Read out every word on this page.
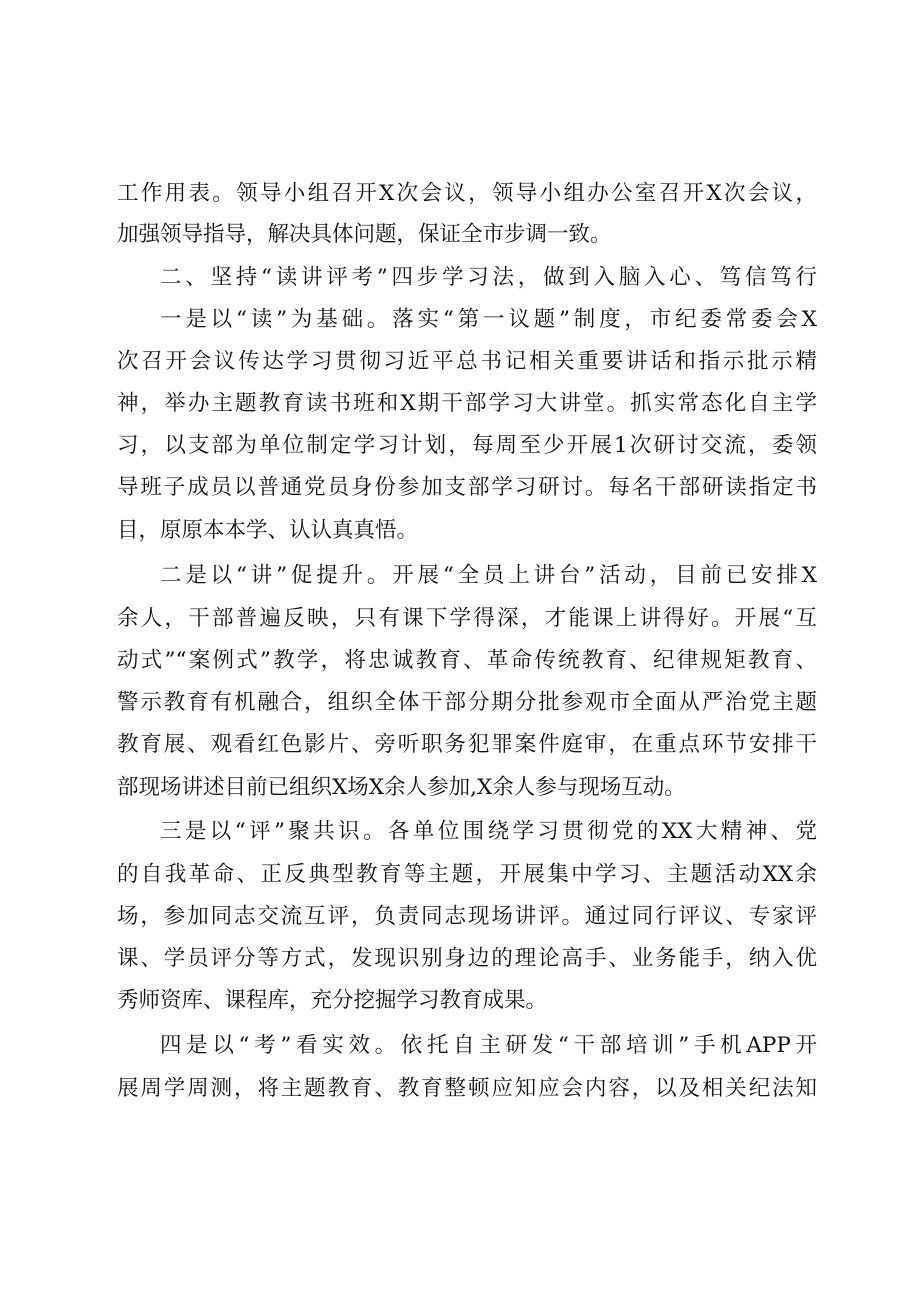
工作用表。领导小组召开X次会议，领导小组办公室召开X次会议，
加强领导指导，解决具体问题，保证全市步调一致。
二、坚持“读讲评考”四步学习法，做到入脑入心、笃信笃行
一是以“读”为基础。落实“第一议题”制度，市纪委常委会X
次召开会议传达学习贯彻习近平总书记相关重要讲话和指示批示精
神，举办主题教育读书班和X期干部学习大讲堂。抓实常态化自主学
习，以支部为单位制定学习计划，每周至少开展1次研讨交流，委领
导班子成员以普通党员身份参加支部学习研讨。每名干部研读指定书
目，原原本本学、认认真真悟。
二是以“讲”促提升。开展“全员上讲台”活动，目前已安排X
余人，干部普遍反映，只有课下学得深，才能课上讲得好。开展“互
动式”“案例式”教学，将忠诚教育、革命传统教育、纪律规矩教育、
警示教育有机融合，组织全体干部分期分批参观市全面从严治党主题
教育展、观看红色影片、旁听职务犯罪案件庭审，在重点环节安排干
部现场讲述目前已组织X场X余人参加,X余人参与现场互动。
三是以“评”聚共识。各单位围绕学习贯彻党的XX大精神、党
的自我革命、正反典型教育等主题，开展集中学习、主题活动XX余
场，参加同志交流互评，负责同志现场讲评。通过同行评议、专家评
课、学员评分等方式，发现识别身边的理论高手、业务能手，纳入优
秀师资库、课程库，充分挖掘学习教育成果。
四是以“考”看实效。依托自主研发“干部培训”手机APP开
展周学周测，将主题教育、教育整顿应知应会内容，以及相关纪法知
